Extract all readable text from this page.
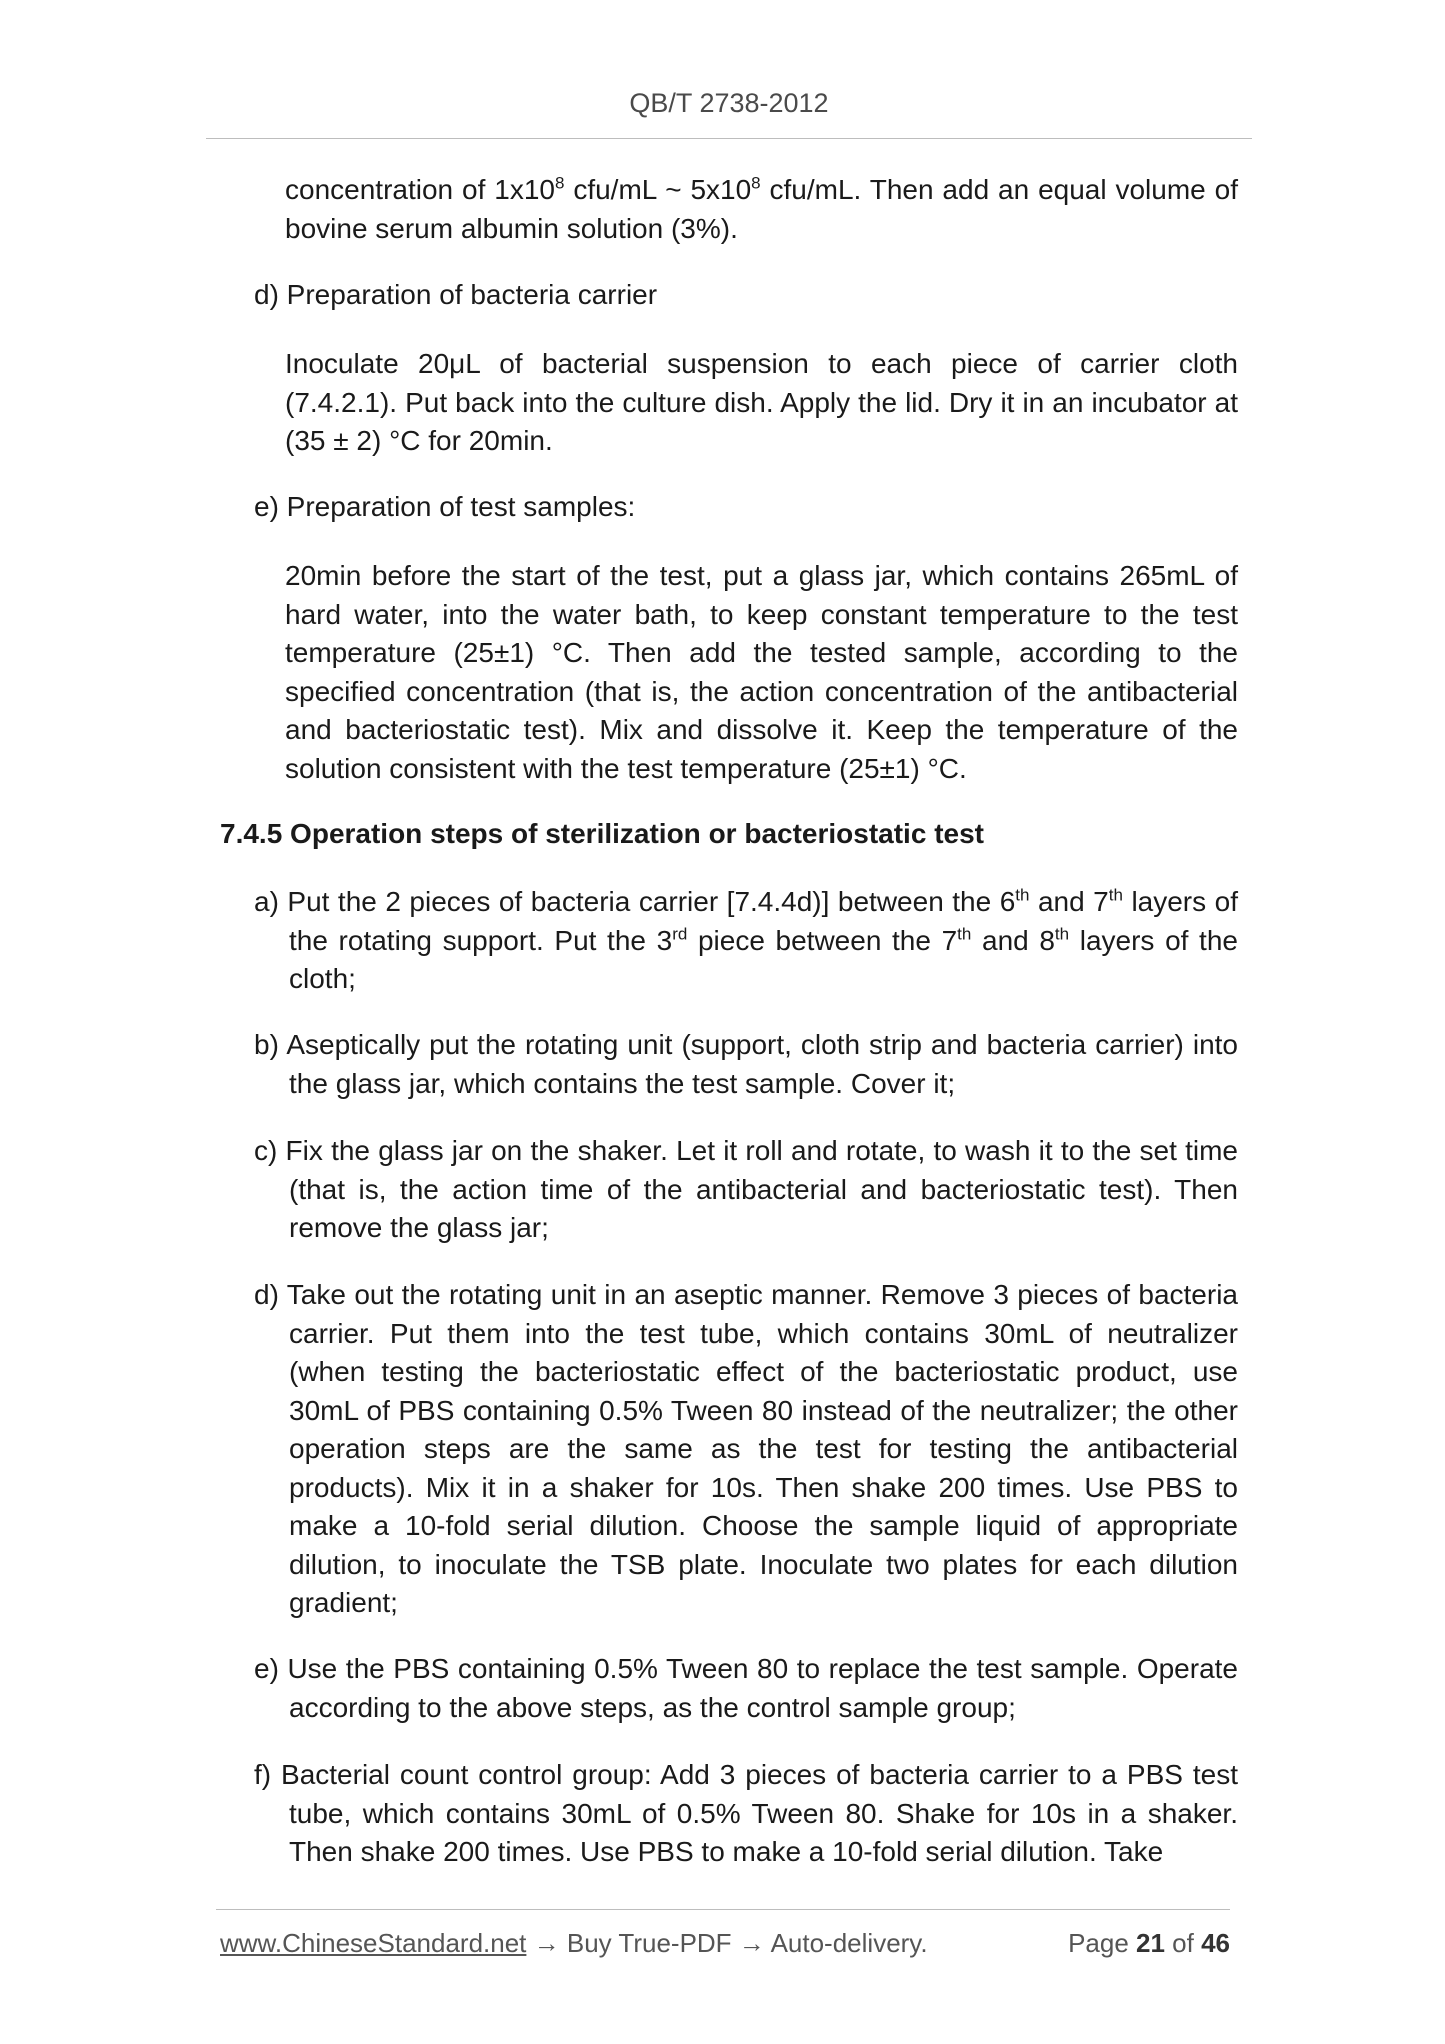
QB/T 2738-2012

concentration of $1x10^8$ cfu/mL ~ $5x10^8$ cfu/mL. Then add an equal volume of bovine serum albumin solution (3%).

d) Preparation of bacteria carrier

Inoculate 20μL of bacterial suspension to each piece of carrier cloth (7.4.2.1). Put back into the culture dish. Apply the lid. Dry it in an incubator at (35 ± 2) °C for 20min.

e) Preparation of test samples:

20min before the start of the test, put a glass jar, which contains 265mL of hard water, into the water bath, to keep constant temperature to the test temperature (25±1) °C. Then add the tested sample, according to the specified concentration (that is, the action concentration of the antibacterial and bacteriostatic test). Mix and dissolve it. Keep the temperature of the solution consistent with the test temperature (25±1) °C.

7.4.5 Operation steps of sterilization or bacteriostatic test

a) Put the 2 pieces of bacteria carrier [7.4.4d)] between the 6th and 7th layers of the rotating support. Put the 3rd piece between the 7th and 8th layers of the cloth;

b) Aseptically put the rotating unit (support, cloth strip and bacteria carrier) into the glass jar, which contains the test sample. Cover it;

c) Fix the glass jar on the shaker. Let it roll and rotate, to wash it to the set time (that is, the action time of the antibacterial and bacteriostatic test). Then remove the glass jar;

d) Take out the rotating unit in an aseptic manner. Remove 3 pieces of bacteria carrier. Put them into the test tube, which contains 30mL of neutralizer (when testing the bacteriostatic effect of the bacteriostatic product, use 30mL of PBS containing 0.5% Tween 80 instead of the neutralizer; the other operation steps are the same as the test for testing the antibacterial products). Mix it in a shaker for 10s. Then shake 200 times. Use PBS to make a 10-fold serial dilution. Choose the sample liquid of appropriate dilution, to inoculate the TSB plate. Inoculate two plates for each dilution gradient;

e) Use the PBS containing 0.5% Tween 80 to replace the test sample. Operate according to the above steps, as the control sample group;

f) Bacterial count control group: Add 3 pieces of bacteria carrier to a PBS test tube, which contains 30mL of 0.5% Tween 80. Shake for 10s in a shaker. Then shake 200 times. Use PBS to make a 10-fold serial dilution. Take

www.ChineseStandard.net → Buy True-PDF → Auto-delivery.	Page 21 of 46
